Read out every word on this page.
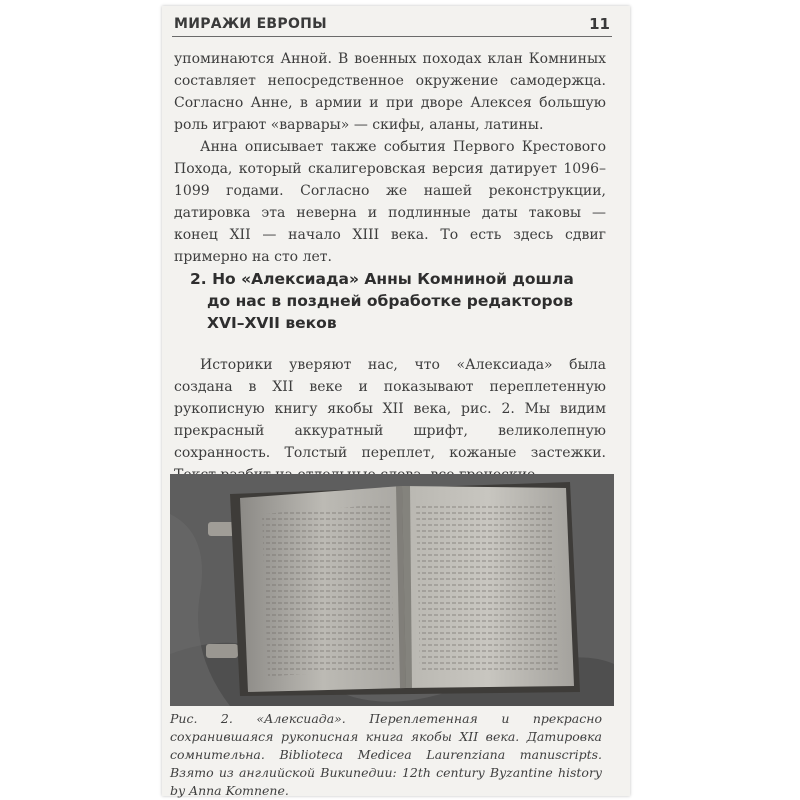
МИРАЖИ ЕВРОПЫ	11

упоминаются Анной. В военных походах клан Комниных составляет непосредственное окружение самодержца. Согласно Анне, в армии и при дворе Алексея большую роль играют «варвары» — скифы, аланы, латины.

Анна описывает также события Первого Крестового Похода, который скалигеровская версия датирует 1096–1099 годами. Согласно же нашей реконструкции, датировка эта неверна и подлинные даты таковы — конец XII — начало XIII века. То есть здесь сдвиг примерно на сто лет.

2. Но «Алексиада» Анны Комниной дошла
до нас в поздней обработке редакторов XVI–XVII веков

Историки уверяют нас, что «Алексиада» была создана в XII веке и показывают переплетенную рукописную книгу якобы XII века, рис. 2. Мы видим прекрасный аккуратный шрифт, великолепную сохранность. Толстый переплет, кожаные застежки.

Рис. 2. «Алексиада». Переплетенная и прекрасно сохранившаяся рукописная книга якобы XII века. Датировка сомнительна. Biblioteca Medicea Laurenziana manuscripts. Взято из английской Википедии: 12th century Byzantine history by Anna Komnene.
